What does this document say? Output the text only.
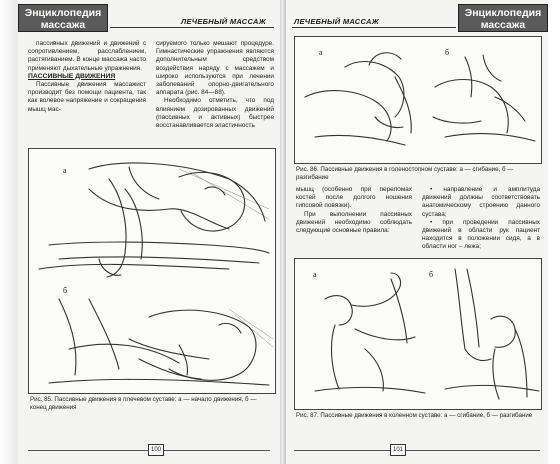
Энциклопедия массажа	ЛЕЧЕБНЫЙ МАССАЖ

пассивных движений и движений с сопротивлением, расслаблением, растягиванием. В конце массажа часто применяют дыхательные упражнения.

ПАССИВНЫЕ ДВИЖЕНИЯ

Пассивные движения массажист производит без помощи пациента, так как волевое напряжение и сокращения мышц мас-

сируемого только мешают процедуре. Гимнастические упражнения являются дополнительным средством воздействия наряду с массажем и широко используются при лечении заболеваний опорно-двигательного аппарата (рис. 84—88).

Необходимо отметить, что под влиянием дозированных движений (пассивных и активных) быстрее восстанавливается эластичность

а
б
Рис. 85. Пассивные движения в плечевом суставе: а — начало движения, б — конец движения
100
Энциклопедия массажа
ЛЕЧЕБНЫЙ МАССАЖ
а	б
Рис. 86. Пассивные движения в голеностопном суставе: а — сгибание, б — разгибание

мышц (особенно при переломах костей после долгого ношения гипсовой повязки).

При выполнении пассивных движений необходимо соблюдать следующие основные правила:

• направление и амплитуда движений должны соответствовать анатомическому строению данного сустава;

• при проведении пассивных движений в области рук пациент находится в положении сидя, а в области ног – лежа;

а	б
Рис. 87. Пассивные движения в коленном суставе: а — сгибание, б — разгибание
101
